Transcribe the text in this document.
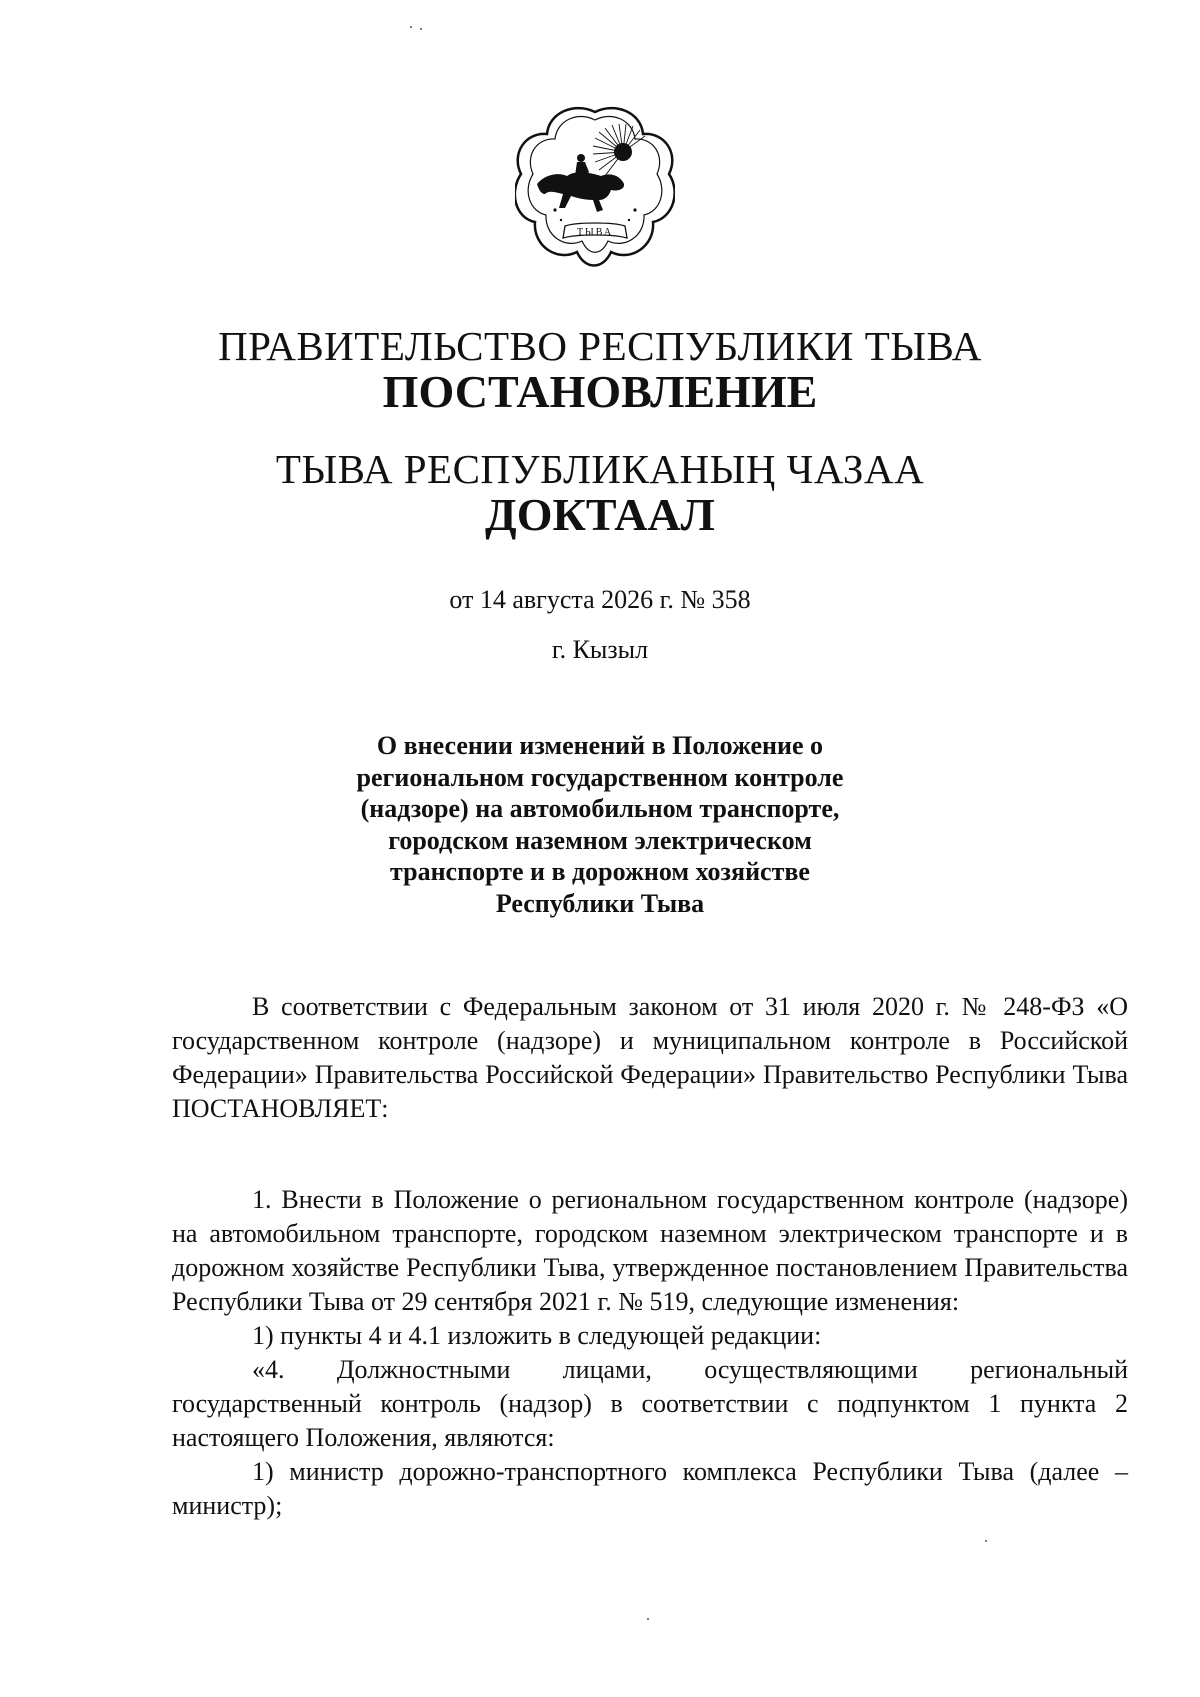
ТЫВА
ПРАВИТЕЛЬСТВО РЕСПУБЛИКИ ТЫВА
ПОСТАНОВЛЕНИЕ
ТЫВА РЕСПУБЛИКАНЫҢ ЧАЗАА
ДОКТААЛ
от 14 августа 2026 г. № 358
г. Кызыл
О внесении изменений в Положение о
региональном государственном контроле
(надзоре) на автомобильном транспорте,
городском наземном электрическом
транспорте и в дорожном хозяйстве
Республики Тыва

В соответствии с Федеральным законом от 31 июля 2020 г. № 248-ФЗ «О государственном контроле (надзоре) и муниципальном контроле в Российской Федерации» Правительства Российской Федерации» Правительство Республики Тыва ПОСТАНОВЛЯЕТ:

1. Внести в Положение о региональном государственном контроле (надзоре) на автомобильном транспорте, городском наземном электрическом транспорте и в дорожном хозяйстве Республики Тыва, утвержденное постановлением Правительства Республики Тыва от 29 сентября 2021 г. № 519, следующие изменения:

1) пункты 4 и 4.1 изложить в следующей редакции:

«4. Должностными лицами, осуществляющими региональный государственный контроль (надзор) в соответствии с подпунктом 1 пункта 2 настоящего Положения, являются:

1) министр дорожно-транспортного комплекса Республики Тыва (далее – министр);
